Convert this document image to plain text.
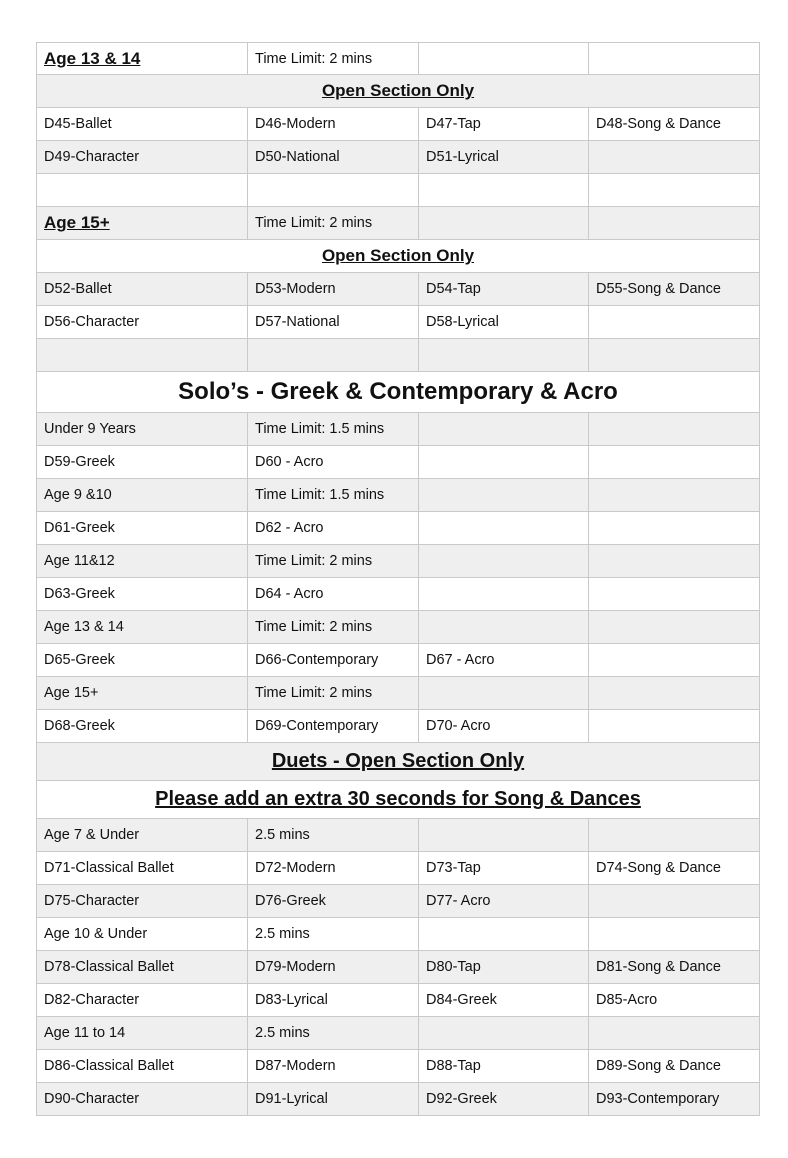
Age 13 & 14	Time Limit: 2 mins
Open Section Only
D45-Ballet	D46-Modern	D47-Tap	D48-Song & Dance
D49-Character	D50-National	D51-Lyrical
Age 15+	Time Limit: 2 mins
Open Section Only
D52-Ballet	D53-Modern	D54-Tap	D55-Song & Dance
D56-Character	D57-National	D58-Lyrical
Solo’s - Greek & Contemporary & Acro
Under 9 Years	Time Limit: 1.5 mins
D59-Greek	D60 - Acro
Age 9 &10	Time Limit: 1.5 mins
D61-Greek	D62 - Acro
Age 11&12	Time Limit: 2 mins
D63-Greek	D64 - Acro
Age 13 & 14	Time Limit: 2 mins
D65-Greek	D66-Contemporary	D67 - Acro
Age 15+	Time Limit: 2 mins
D68-Greek	D69-Contemporary	D70- Acro
Duets - Open Section Only
Please add an extra 30 seconds for Song & Dances
Age 7 & Under	2.5 mins
D71-Classical Ballet	D72-Modern	D73-Tap	D74-Song & Dance
D75-Character	D76-Greek	D77- Acro
Age 10 & Under	2.5 mins
D78-Classical Ballet	D79-Modern	D80-Tap	D81-Song & Dance
D82-Character	D83-Lyrical	D84-Greek	D85-Acro
Age 11 to 14	2.5 mins
D86-Classical Ballet	D87-Modern	D88-Tap	D89-Song & Dance
D90-Character	D91-Lyrical	D92-Greek	D93-Contemporary
